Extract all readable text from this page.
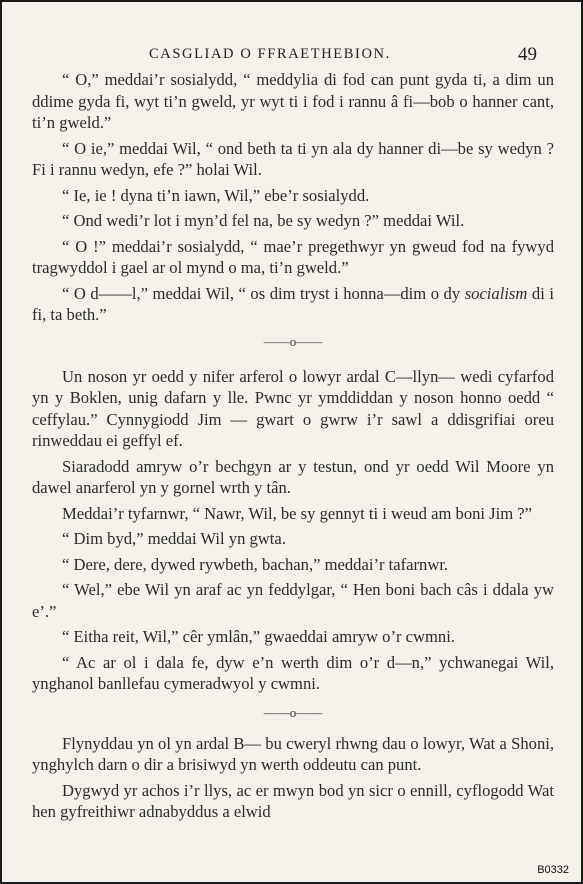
CASGLIAD O FFRAETHEBION.	49

“ O,” meddai’r sosialydd, “ meddylia di fod can punt gyda ti, a dim un ddime gyda fi, wyt ti’n gweld, yr wyt ti i fod i rannu â fi—bob o hanner cant, ti’n gweld.”

“ O ie,” meddai Wil, “ ond beth ta ti yn ala dy hanner di—be sy wedyn ? Fi i rannu wedyn, efe ?” holai Wil.

“ Ie, ie ! dyna ti’n iawn, Wil,” ebe’r sosialydd.

“ Ond wedi’r lot i myn’d fel na, be sy wedyn ?” meddai Wil.

“ O !” meddai’r sosialydd, “ mae’r pregethwyr yn gweud fod na fywyd tragwyddol i gael ar ol mynd o ma, ti’n gweld.”

“ O d——l,” meddai Wil, “ os dim tryst i honna—dim o dy socialism di i fi, ta beth.”

——o——

Un noson yr oedd y nifer arferol o lowyr ardal C—llyn— wedi cyfarfod yn y Boklen, unig dafarn y lle. Pwnc yr ymddiddan y noson honno oedd “ ceffylau.” Cynnygiodd Jim — gwart o gwrw i’r sawl a ddisgrifiai oreu rinweddau ei geffyl ef.

Siaradodd amryw o’r bechgyn ar y testun, ond yr oedd Wil Moore yn dawel anarferol yn y gornel wrth y tân.

Meddai’r tyfarnwr, “ Nawr, Wil, be sy gennyt ti i weud am boni Jim ?”

“ Dim byd,” meddai Wil yn gwta.

“ Dere, dere, dywed rywbeth, bachan,” meddai’r tafarnwr.

“ Wel,” ebe Wil yn araf ac yn feddylgar, “ Hen boni bach câs i ddala yw e’.”

“ Eitha reit, Wil,” cêr ymlân,” gwaeddai amryw o’r cwmni.

“ Ac ar ol i dala fe, dyw e’n werth dim o’r d—n,” ychwanegai Wil, ynghanol banllefau cymeradwyol y cwmni.

——o——

Flynyddau yn ol yn ardal B— bu cweryl rhwng dau o lowyr, Wat a Shoni, ynghylch darn o dir a brisiwyd yn werth oddeutu can punt.

Dygwyd yr achos i’r llys, ac er mwyn bod yn sicr o ennill, cyflogodd Wat hen gyfreithiwr adnabyddus a elwid

B0332
